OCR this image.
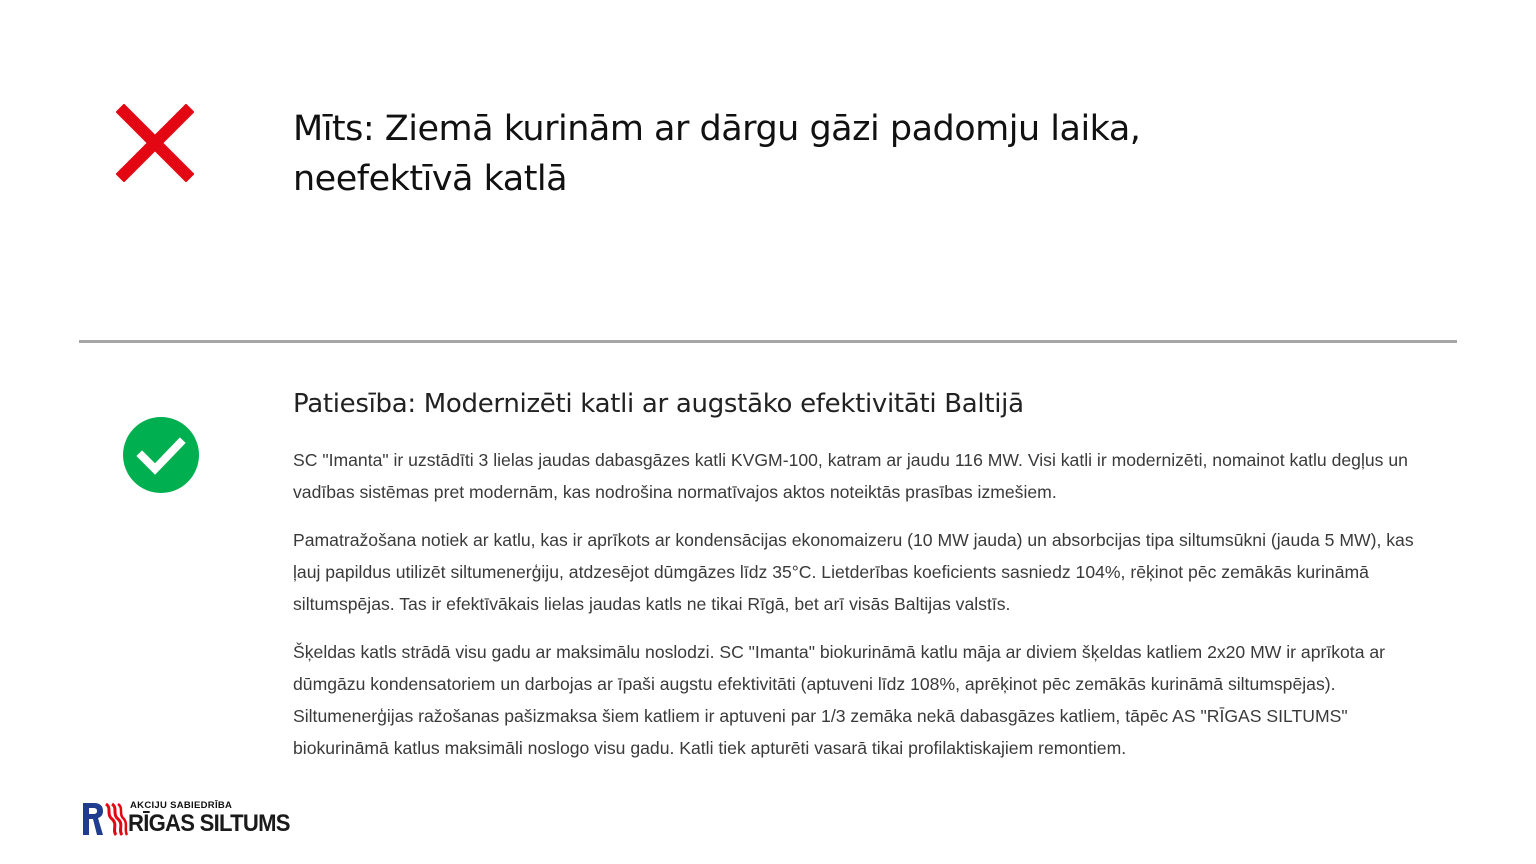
Mīts: Ziemā kurinām ar dārgu gāzi padomju laika,
neefektīvā katlā
Patiesība: Modernizēti katli ar augstāko efektivitāti Baltijā

SC "Imanta" ir uzstādīti 3 lielas jaudas dabasgāzes katli KVGM-100, katram ar jaudu 116 MW. Visi katli ir modernizēti, nomainot katlu degļus un vadības sistēmas pret modernām, kas nodrošina normatīvajos aktos noteiktās prasības izmešiem.

Pamatražošana notiek ar katlu, kas ir aprīkots ar kondensācijas ekonomaizeru (10 MW jauda) un absorbcijas tipa siltumsūkni (jauda 5 MW), kas ļauj papildus utilizēt siltumenerģiju, atdzesējot dūmgāzes līdz 35°C. Lietderības koeficients sasniedz 104%, rēķinot pēc zemākās kurināmā siltumspējas. Tas ir efektīvākais lielas jaudas katls ne tikai Rīgā, bet arī visās Baltijas valstīs.

Šķeldas katls strādā visu gadu ar maksimālu noslodzi. SC "Imanta" biokurināmā katlu māja ar diviem šķeldas katliem 2x20 MW ir aprīkota ar dūmgāzu kondensatoriem un darbojas ar īpaši augstu efektivitāti (aptuveni līdz 108%, aprēķinot pēc zemākās kurināmā siltumspējas). Siltumenerģijas ražošanas pašizmaksa šiem katliem ir aptuveni par 1/3 zemāka nekā dabasgāzes katliem, tāpēc AS "RĪGAS SILTUMS" biokurināmā katlus maksimāli noslogo visu gadu. Katli tiek apturēti vasarā tikai profilaktiskajiem remontiem.

AKCIJU SABIEDRĪBA
RĪGAS SILTUMS
